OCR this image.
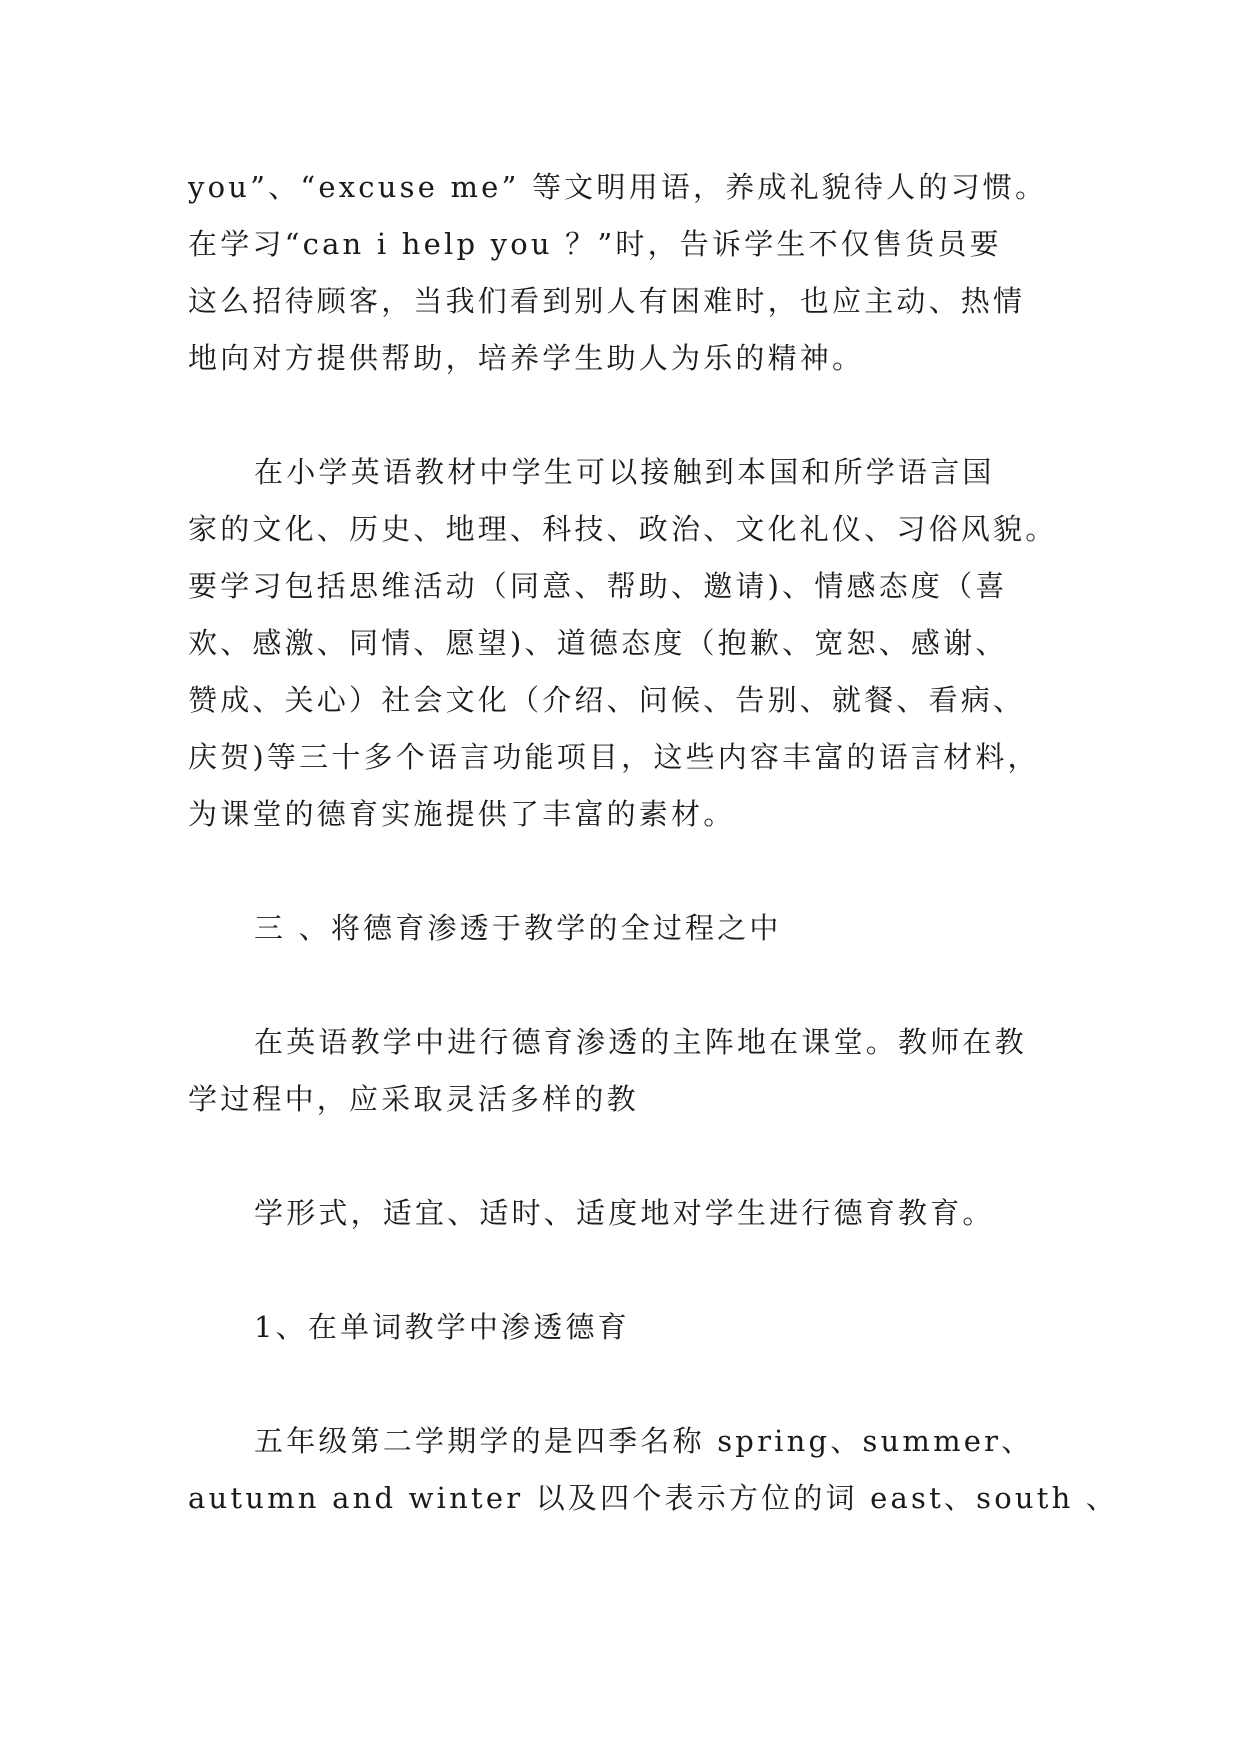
you”、“excuse me” 等文明用语，养成礼貌待人的习惯。
在学习“can i help you ？”时，告诉学生不仅售货员要
这么招待顾客，当我们看到别人有困难时，也应主动、热情
地向对方提供帮助，培养学生助人为乐的精神。
在小学英语教材中学生可以接触到本国和所学语言国
家的文化、历史、地理、科技、政治、文化礼仪、习俗风貌。
要学习包括思维活动（同意、帮助、邀请)、情感态度（喜
欢、感激、同情、愿望)、道德态度（抱歉、宽恕、感谢、
赞成、关心）社会文化（介绍、问候、告别、就餐、看病、
庆贺)等三十多个语言功能项目，这些内容丰富的语言材料，
为课堂的德育实施提供了丰富的素材。
三 、将德育渗透于教学的全过程之中
在英语教学中进行德育渗透的主阵地在课堂。教师在教
学过程中，应采取灵活多样的教
学形式，适宜、适时、适度地对学生进行德育教育。
1、在单词教学中渗透德育
五年级第二学期学的是四季名称 spring、summer、
autumn and winter 以及四个表示方位的词 east、south 、
